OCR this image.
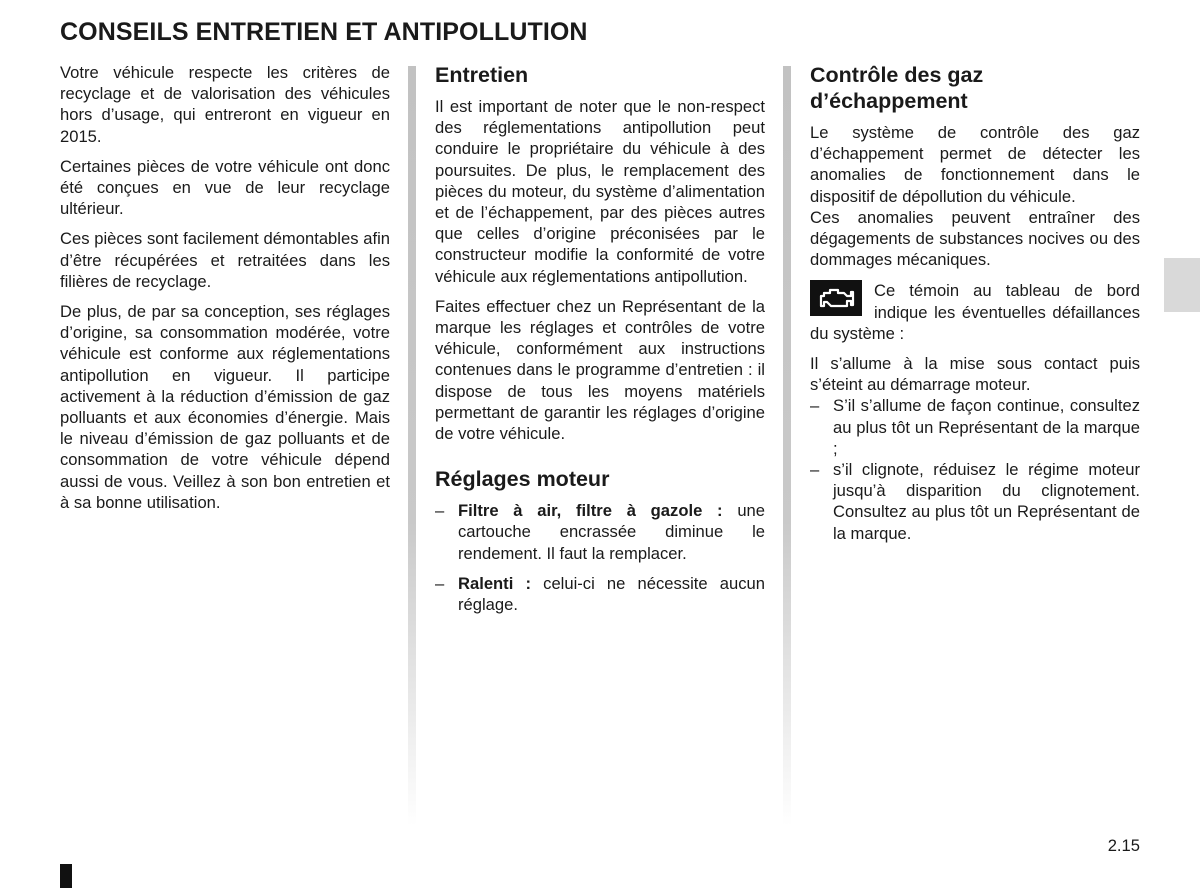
CONSEILS ENTRETIEN ET ANTIPOLLUTION

Votre véhicule respecte les critères de recyclage et de valorisation des véhicules hors d’usage, qui entreront en vigueur en 2015.

Certaines pièces de votre véhicule ont donc été conçues en vue de leur recyclage ultérieur.

Ces pièces sont facilement démontables afin d’être récupérées et retraitées dans les filières de recyclage.

De plus, de par sa conception, ses réglages d’origine, sa consommation modérée, votre véhicule est conforme aux réglementations antipollution en vigueur. Il participe activement à la réduction d’émission de gaz polluants et aux économies d’énergie. Mais le niveau d’émission de gaz polluants et de consommation de votre véhicule dépend aussi de vous. Veillez à son bon entretien et à sa bonne utilisation.

Entretien

Il est important de noter que le non-respect des réglementations antipollution peut conduire le propriétaire du véhicule à des poursuites. De plus, le remplacement des pièces du moteur, du système d’alimentation et de l’échappement, par des pièces autres que celles d’origine préconisées par le constructeur modifie la conformité de votre véhicule aux réglementations antipollution.

Faites effectuer chez un Représentant de la marque les réglages et contrôles de votre véhicule, conformément aux instructions contenues dans le programme d’entretien : il dispose de tous les moyens matériels permettant de garantir les réglages d’origine de votre véhicule.

Réglages moteur
– Filtre à air, filtre à gazole : une cartouche encrassée diminue le rendement. Il faut la remplacer.
– Ralenti : celui-ci ne nécessite aucun réglage.
Contrôle des gaz d’échappement

Le système de contrôle des gaz d’échappement permet de détecter les anomalies de fonctionnement dans le dispositif de dépollution du véhicule.

Ces anomalies peuvent entraîner des dégagements de substances nocives ou des dommages mécaniques.

Ce témoin au tableau de bord indique les éventuelles défaillances du système :

Il s’allume à la mise sous contact puis s’éteint au démarrage moteur.

– S’il s’allume de façon continue, consultez au plus tôt un Représentant de la marque ;
– s’il clignote, réduisez le régime moteur jusqu’à disparition du clignotement. Consultez au plus tôt un Représentant de la marque.
2.15
